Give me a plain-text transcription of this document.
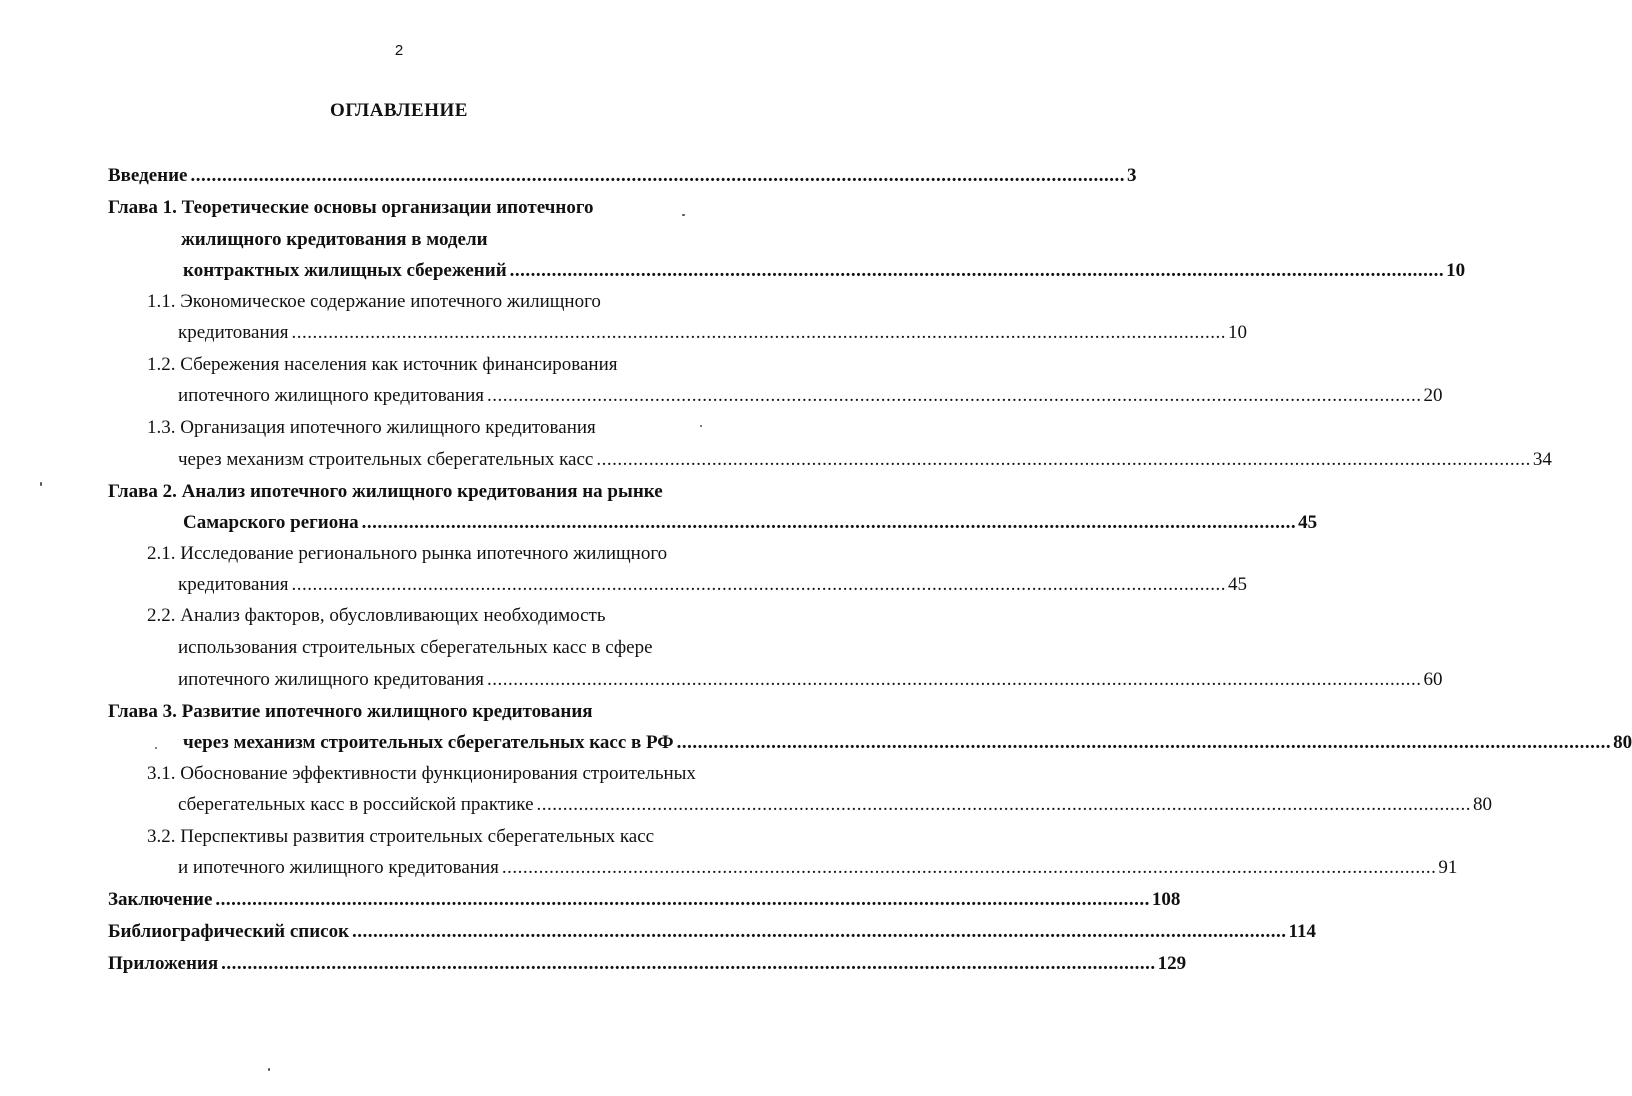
2
ОГЛАВЛЕНИЕ
Введение .................................................................................................................................................................................. 3
Глава 1. Теоретические основы организации ипотечного
жилищного кредитования в модели
контрактных жилищных сбережений .................................................................................................................................................................................. 10
1.1. Экономическое содержание ипотечного жилищного
кредитования .................................................................................................................................................................................. 10
1.2. Сбережения населения как источник финансирования
ипотечного жилищного кредитования .................................................................................................................................................................................. 20
1.3. Организация ипотечного жилищного кредитования
через механизм строительных сберегательных касс .................................................................................................................................................................................. 34
Глава 2. Анализ ипотечного жилищного кредитования на рынке
Самарского региона .................................................................................................................................................................................. 45
2.1. Исследование регионального рынка ипотечного жилищного
кредитования .................................................................................................................................................................................. 45
2.2. Анализ факторов, обусловливающих необходимость
использования строительных сберегательных касс в сфере
ипотечного жилищного кредитования .................................................................................................................................................................................. 60
Глава 3. Развитие ипотечного жилищного кредитования
через механизм строительных сберегательных касс в РФ .................................................................................................................................................................................. 80
3.1. Обоснование эффективности функционирования строительных
сберегательных касс в российской практике .................................................................................................................................................................................. 80
3.2. Перспективы развития строительных сберегательных касс
и ипотечного жилищного кредитования .................................................................................................................................................................................. 91
Заключение .................................................................................................................................................................................. 108
Библиографический список .................................................................................................................................................................................. 114
Приложения .................................................................................................................................................................................. 129
